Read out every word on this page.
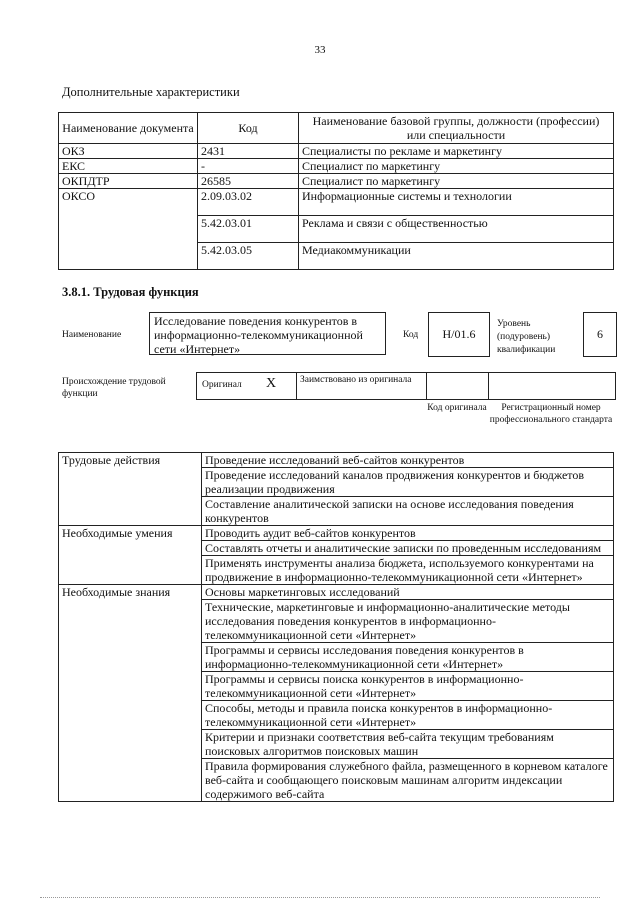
33
Дополнительные характеристики
Наименование документа	Код	Наименование базовой группы, должности (профессии) или специальности
ОКЗ	2431	Специалисты по рекламе и маркетингу
ЕКС	-	Специалист по маркетингу
ОКПДТР	26585	Специалист по маркетингу
ОКСО	2.09.03.02	Информационные системы и технологии
	5.42.03.01	Реклама и связи с общественностью
	5.42.03.05	Медиакоммуникации
3.8.1. Трудовая функция
Наименование
Исследование поведения конкурентов в информационно-телекоммуникационной сети «Интернет»
Код	H/01.6
Уровень (подуровень) квалификации
6
Происхождение трудовой функции
Оригинал X	Заимствовано из оригинала
Код оригинала	Регистрационный номер профессионального стандарта
Трудовые действия	Проведение исследований веб-сайтов конкурентов
	Проведение исследований каналов продвижения конкурентов и бюджетов реализации продвижения
	Составление аналитической записки на основе исследования поведения конкурентов
Необходимые умения	Проводить аудит веб-сайтов конкурентов
	Составлять отчеты и аналитические записки по проведенным исследованиям
	Применять инструменты анализа бюджета, используемого конкурентами на продвижение в информационно-телекоммуникационной сети «Интернет»
Необходимые знания	Основы маркетинговых исследований
	Технические, маркетинговые и информационно-аналитические методы исследования поведения конкурентов в информационно-телекоммуникационной сети «Интернет»
	Программы и сервисы исследования поведения конкурентов в информационно-телекоммуникационной сети «Интернет»
	Программы и сервисы поиска конкурентов в информационно-телекоммуникационной сети «Интернет»
	Способы, методы и правила поиска конкурентов в информационно-телекоммуникационной сети «Интернет»
	Критерии и признаки соответствия веб-сайта текущим требованиям поисковых алгоритмов поисковых машин
	Правила формирования служебного файла, размещенного в корневом каталоге веб-сайта и сообщающего поисковым машинам алгоритм индексации содержимого веб-сайта
